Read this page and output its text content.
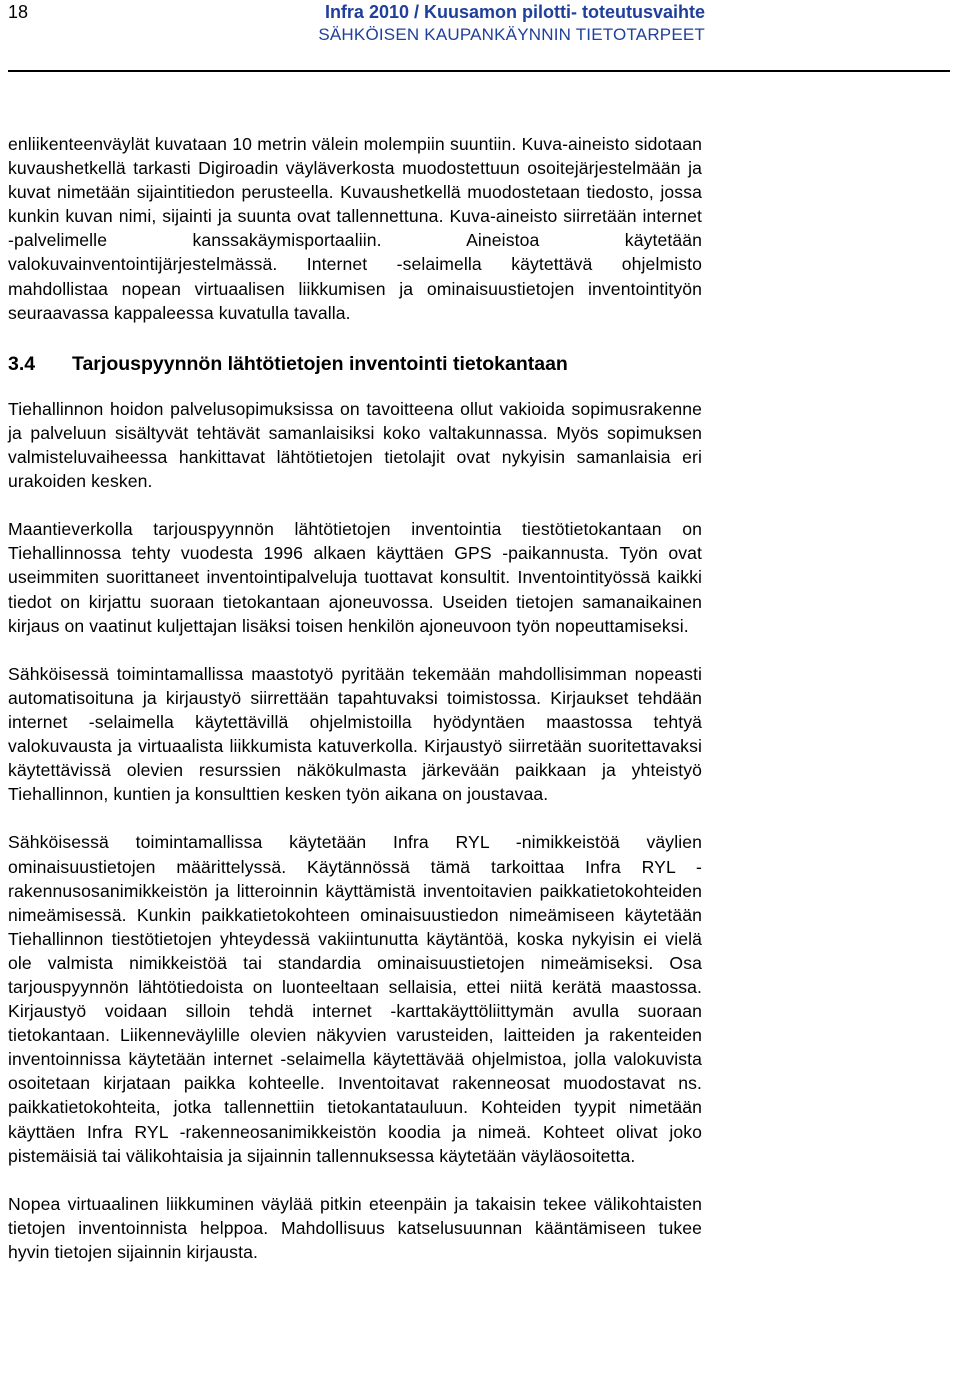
18	Infra 2010 / Kuusamon pilotti- toteutusvaihte
SÄHKÖISEN KAUPANKÄYNNIN TIETOTARPEET

enliikenteenväylät kuvataan 10 metrin välein molempiin suuntiin. Kuva-aineisto sidotaan kuvaushetkellä tarkasti Digiroadin väyläverkosta muodostettuun osoitejärjestelmään ja kuvat nimetään sijaintitiedon perusteella. Kuvaushetkellä muodostetaan tiedosto, jossa kunkin kuvan nimi, sijainti ja suunta ovat tallennettuna. Kuva-aineisto siirretään internet -palvelimelle kanssakäymisportaaliin. Aineistoa käytetään valokuvainventointijärjestelmässä. Internet -selaimella käytettävä ohjelmisto mahdollistaa nopean virtuaalisen liikkumisen ja ominaisuustietojen inventointityön seuraavassa kappaleessa kuvatulla tavalla.

3.4	Tarjouspyynnön lähtötietojen inventointi tietokantaan

Tiehallinnon hoidon palvelusopimuksissa on tavoitteena ollut vakioida sopimusrakenne ja palveluun sisältyvät tehtävät samanlaisiksi koko valtakunnassa. Myös sopimuksen valmisteluvaiheessa hankittavat lähtötietojen tietolajit ovat nykyisin samanlaisia eri urakoiden kesken.

Maantieverkolla tarjouspyynnön lähtötietojen inventointia tiestötietokantaan on Tiehallinnossa tehty vuodesta 1996 alkaen käyttäen GPS -paikannusta. Työn ovat useimmiten suorittaneet inventointipalveluja tuottavat konsultit. Inventointityössä kaikki tiedot on kirjattu suoraan tietokantaan ajoneuvossa. Useiden tietojen samanaikainen kirjaus on vaatinut kuljettajan lisäksi toisen henkilön ajoneuvoon työn nopeuttamiseksi.

Sähköisessä toimintamallissa maastotyö pyritään tekemään mahdollisimman nopeasti automatisoituna ja kirjaustyö siirrettään tapahtuvaksi toimistossa. Kirjaukset tehdään internet -selaimella käytettävillä ohjelmistoilla hyödyntäen maastossa tehtyä valokuvausta ja virtuaalista liikkumista katuverkolla. Kirjaustyö siirretään suoritettavaksi käytettävissä olevien resurssien näkökulmasta järkevään paikkaan ja yhteistyö Tiehallinnon, kuntien ja konsulttien kesken työn aikana on joustavaa.

Sähköisessä toimintamallissa käytetään Infra RYL -nimikkeistöä väylien ominaisuustietojen määrittelyssä. Käytännössä tämä tarkoittaa Infra RYL -rakennusosanimikkeistön ja litteroinnin käyttämistä inventoitavien paikkatietokohteiden nimeämisessä. Kunkin paikkatietokohteen ominaisuustiedon nimeämiseen käytetään Tiehallinnon tiestötietojen yhteydessä vakiintunutta käytäntöä, koska nykyisin ei vielä ole valmista nimikkeistöä tai standardia ominaisuustietojen nimeämiseksi. Osa tarjouspyynnön lähtötiedoista on luonteeltaan sellaisia, ettei niitä kerätä maastossa. Kirjaustyö voidaan silloin tehdä internet -karttakäyttöliittymän avulla suoraan tietokantaan. Liikenneväylille olevien näkyvien varusteiden, laitteiden ja rakenteiden inventoinnissa käytetään internet -selaimella käytettävää ohjelmistoa, jolla valokuvista osoitetaan kirjataan paikka kohteelle. Inventoitavat rakenneosat muodostavat ns. paikkatietokohteita, jotka tallennettiin tietokantatauluun. Kohteiden tyypit nimetään käyttäen Infra RYL -rakenneosanimikkeistön koodia ja nimeä. Kohteet olivat joko pistemäisiä tai välikohtaisia ja sijainnin tallennuksessa käytetään väyläosoitetta.

Nopea virtuaalinen liikkuminen väylää pitkin eteenpäin ja takaisin tekee välikohtaisten tietojen inventoinnista helppoa. Mahdollisuus katselusuunnan kääntämiseen tukee hyvin tietojen sijainnin kirjausta.
